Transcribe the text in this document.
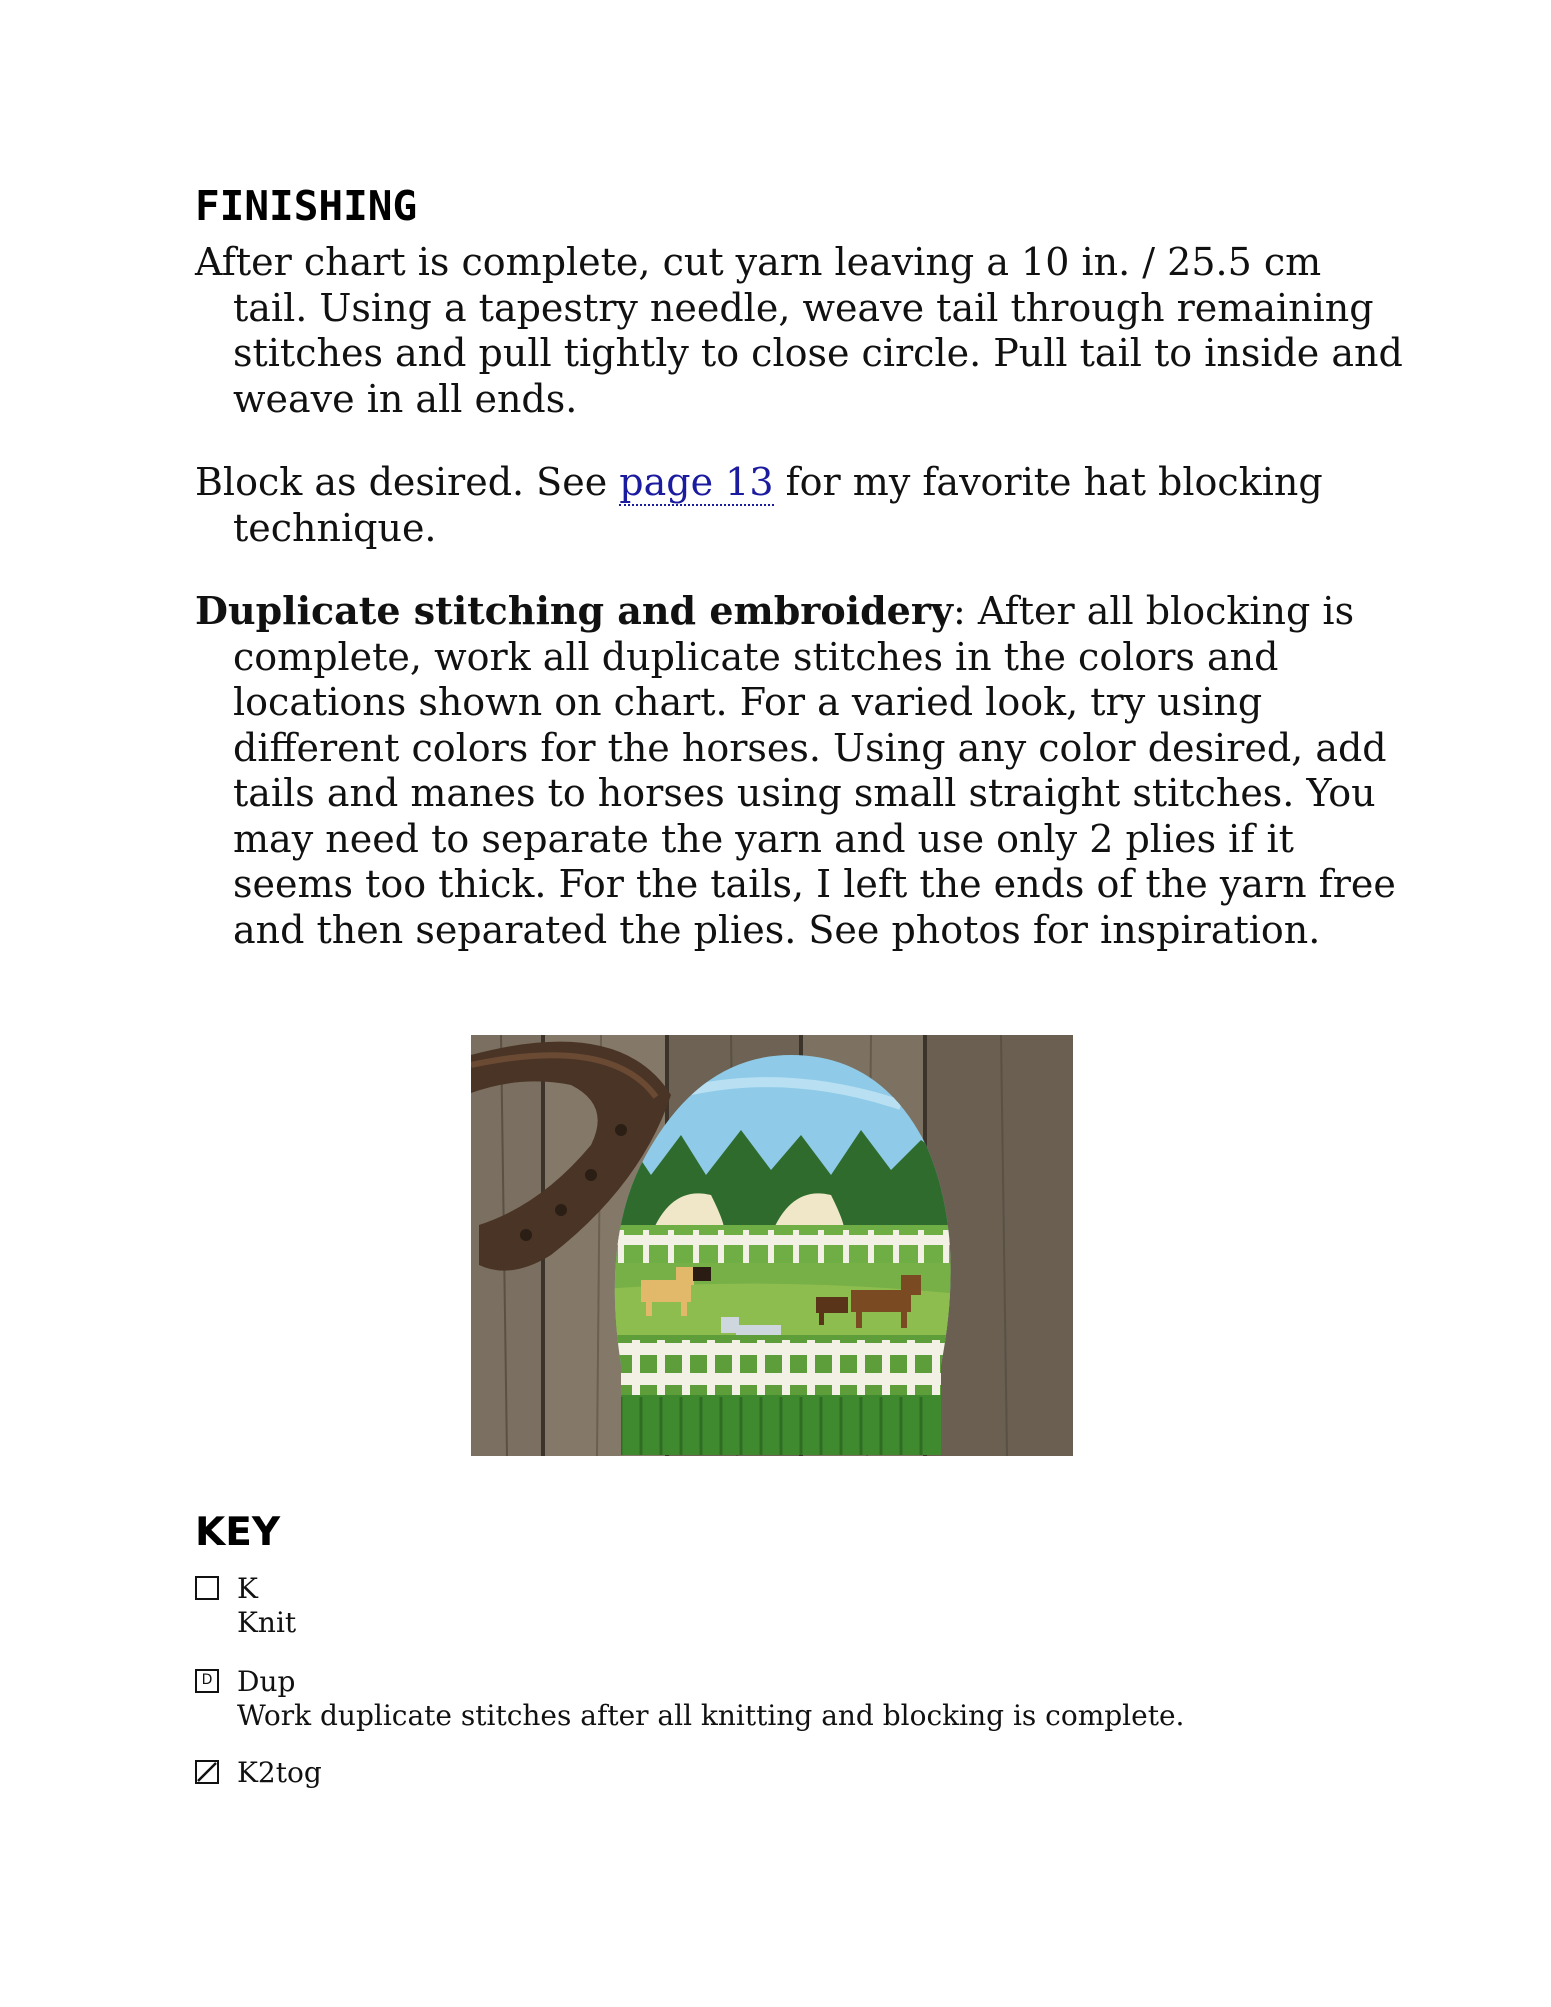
FINISHING

After chart is complete, cut yarn leaving a 10 in. / 25.5 cm tail. Using a tapestry needle, weave tail through remaining stitches and pull tightly to close circle. Pull tail to inside and weave in all ends.

Block as desired. See page 13 for my favorite hat blocking technique.

Duplicate stitching and embroidery: After all blocking is complete, work all duplicate stitches in the colors and locations shown on chart. For a varied look, try using different colors for the horses. Using any color desired, add tails and manes to horses using small straight stitches. You may need to separate the yarn and use only 2 plies if it seems too thick. For the tails, I left the ends of the yarn free and then separated the plies. See photos for inspiration.

KEY
K
Knit
D
Dup
Work duplicate stitches after all knitting and blocking is complete.
K2tog
